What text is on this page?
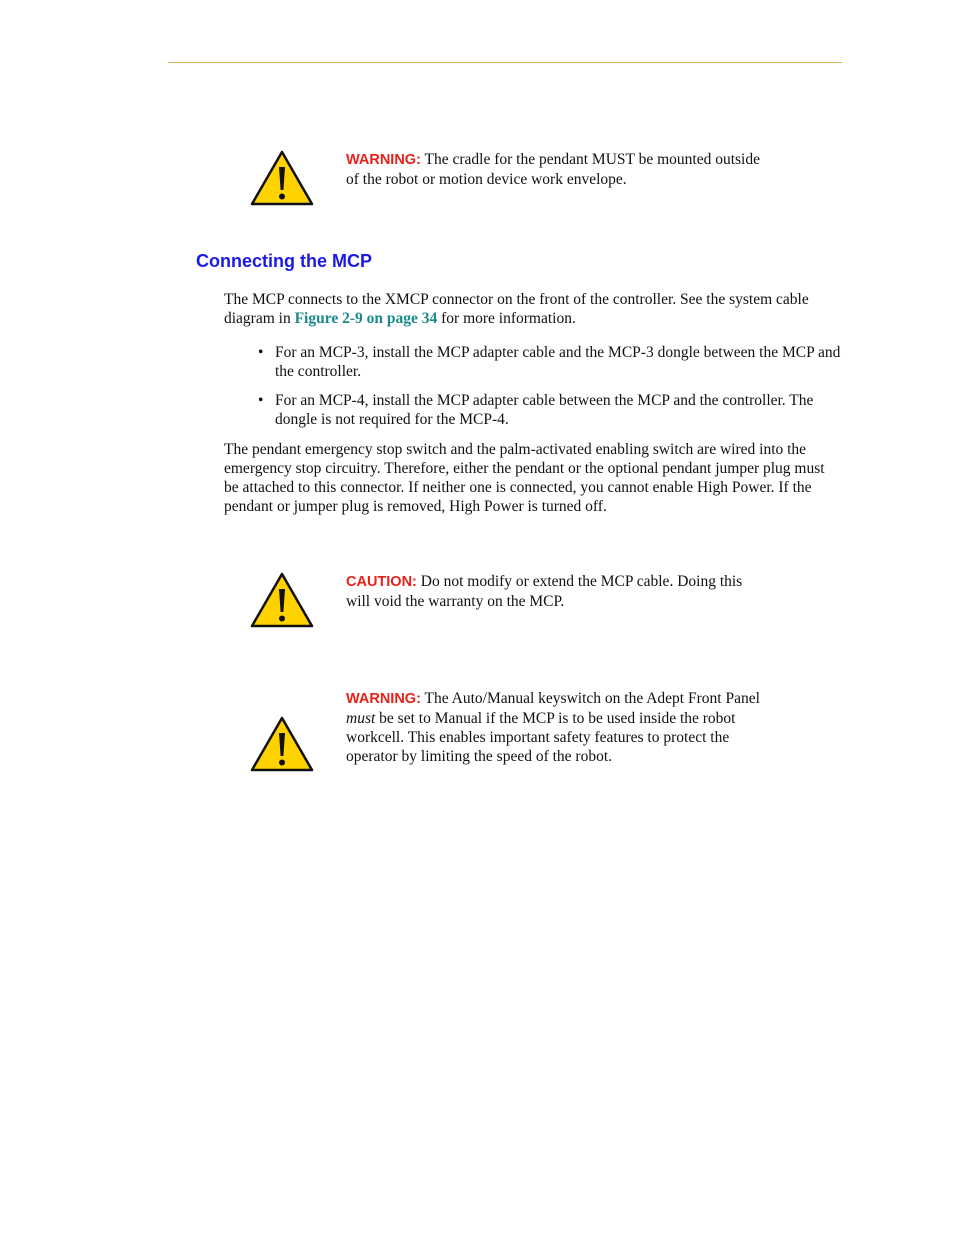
WARNING: The cradle for the pendant MUST be mounted outside of the robot or motion device work envelope.
Connecting the MCP

The MCP connects to the XMCP connector on the front of the controller. See the system cable diagram in Figure 2-9 on page 34 for more information.

• For an MCP-3, install the MCP adapter cable and the MCP-3 dongle between the MCP and the controller.
• For an MCP-4, install the MCP adapter cable between the MCP and the controller. The dongle is not required for the MCP-4.

The pendant emergency stop switch and the palm-activated enabling switch are wired into the emergency stop circuitry. Therefore, either the pendant or the optional pendant jumper plug must be attached to this connector. If neither one is connected, you cannot enable High Power. If the pendant or jumper plug is removed, High Power is turned off.

CAUTION: Do not modify or extend the MCP cable. Doing this will void the warranty on the MCP.
WARNING: The Auto/Manual keyswitch on the Adept Front Panel must be set to Manual if the MCP is to be used inside the robot workcell. This enables important safety features to protect the operator by limiting the speed of the robot.
